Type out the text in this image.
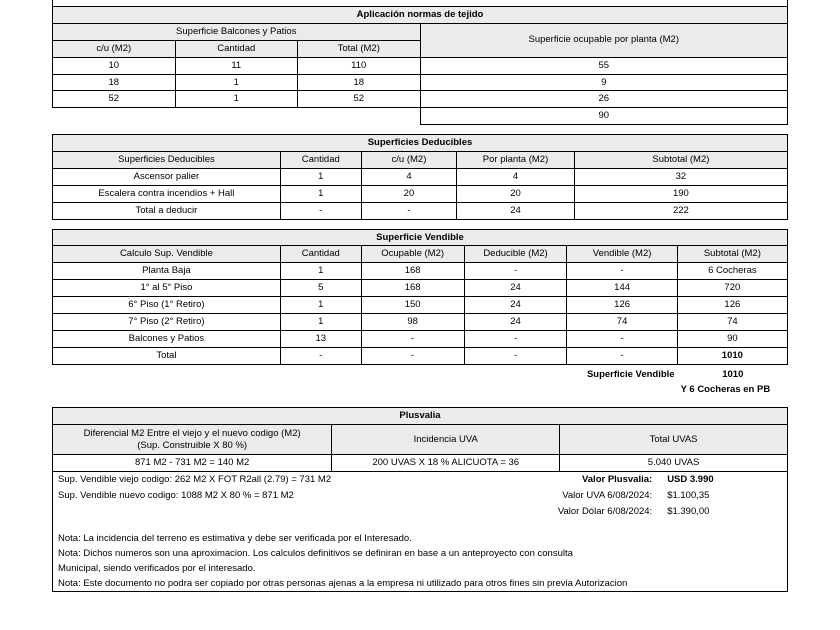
Aplicación normas de tejido			
Superficie Balcones y Patios			Superficie ocupable por planta (M2)
c/u (M2)	Cantidad	Total (M2)	
10	11	110	55
18	1	18	9
52	1	52	26
			90
Superficies Deducibles				
Superficies Deducibles	Cantidad	c/u (M2)	Por planta (M2)	Subtotal (M2)
Ascensor palier	1	4	4	32
Escalera contra incendios + Hall	1	20	20	190
Total a deducir	-	-	24	222
Superficie Vendible					
Calculo Sup. Vendible	Cantidad	Ocupable (M2)	Deducible (M2)	Vendible (M2)	Subtotal (M2)
Planta Baja	1	168	-	-	6 Cocheras
1° al 5° Piso	5	168	24	144	720
6° Piso (1° Retiro)	1	150	24	126	126
7° Piso (2° Retiro)	1	98	24	74	74
Balcones y Patios	13	-	-	-	90
Total	-	-	-	-	1010
	Superficie Vendible	1010
		Y 6 Cocheras en PB
Plusvalia		

Diferencial M2 Entre el viejo y el nuevo codigo (M2)
(Sup. Construible X 80 %)	Incidencia UVA	Total UVAS
871 M2 - 731 M2 = 140 M2	200 UVAS X 18 % ALICUOTA = 36	5.040 UVAS
Sup. Vendible viejo codigo: 262 M2 X FOT R2all (2.79) = 731 M2	Valor Plusvalia:	USD 3.990
Sup. Vendible nuevo codigo: 1088 M2 X 80 % = 871 M2	Valor UVA 6/08/2024:	$1.100,35
	Valor Dólar 6/08/2024:	$1.390,00

Nota: La incidencia del terreno es estimativa y debe ser verificada por el Interesado.		
Nota: Dichos numeros son una aproximacion. Los calculos definitivos se definiran en base a un anteproyecto con consulta		
Municipal, siendo verificados por el interesado.		
Nota: Este documento no podra ser copiado por otras personas ajenas a la empresa ni utilizado para otros fines sin previa Autorizacion		
